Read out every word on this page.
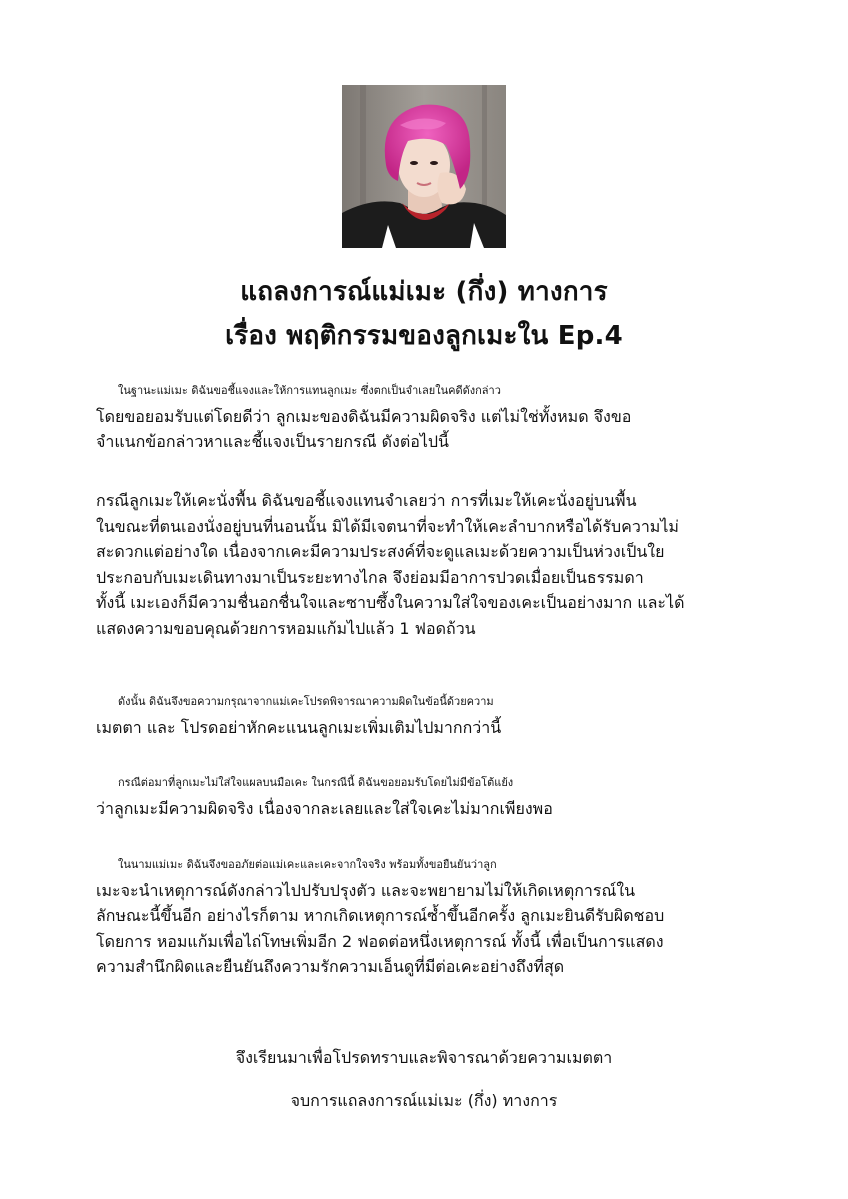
แถลงการณ์แม่เมะ (กึ่ง) ทางการ
เรื่อง พฤติกรรมของลูกเมะใน Ep.4

ในฐานะแม่เมะ ดิฉันขอชี้แจงและให้การแทนลูกเมะ ซึ่งตกเป็นจำเลยในคดีดังกล่าว

โดยขอยอมรับแต่โดยดีว่า ลูกเมะของดิฉันมีความผิดจริง แต่ไม่ใช่ทั้งหมด จึงขอ

จำแนกข้อกล่าวหาและชี้แจงเป็นรายกรณี ดังต่อไปนี้

กรณีลูกเมะให้เคะนั่งพื้น ดิฉันขอชี้แจงแทนจำเลยว่า การที่เมะให้เคะนั่งอยู่บนพื้น

ในขณะที่ตนเองนั่งอยู่บนที่นอนนั้น มิได้มีเจตนาที่จะทำให้เคะลำบากหรือได้รับความไม่

สะดวกแต่อย่างใด เนื่องจากเคะมีความประสงค์ที่จะดูแลเมะด้วยความเป็นห่วงเป็นใย

ประกอบกับเมะเดินทางมาเป็นระยะทางไกล จึงย่อมมีอาการปวดเมื่อยเป็นธรรมดา

ทั้งนี้ เมะเองก็มีความชื่นอกชื่นใจและซาบซึ้งในความใส่ใจของเคะเป็นอย่างมาก และได้

แสดงความขอบคุณด้วยการหอมแก้มไปแล้ว 1 ฟอดถ้วน

ดังนั้น ดิฉันจึงขอความกรุณาจากแม่เคะโปรดพิจารณาความผิดในข้อนี้ด้วยความ

เมตตา และ โปรดอย่าหักคะแนนลูกเมะเพิ่มเติมไปมากกว่านี้

กรณีต่อมาที่ลูกเมะไม่ใส่ใจแผลบนมือเคะ ในกรณีนี้ ดิฉันขอยอมรับโดยไม่มีข้อโต้แย้ง

ว่าลูกเมะมีความผิดจริง เนื่องจากละเลยและใส่ใจเคะไม่มากเพียงพอ

ในนามแม่เมะ ดิฉันจึงขออภัยต่อแม่เคะและเคะจากใจจริง พร้อมทั้งขอยืนยันว่าลูก

เมะจะนำเหตุการณ์ดังกล่าวไปปรับปรุงตัว และจะพยายามไม่ให้เกิดเหตุการณ์ใน

ลักษณะนี้ขึ้นอีก อย่างไรก็ตาม หากเกิดเหตุการณ์ซ้ำขึ้นอีกครั้ง ลูกเมะยินดีรับผิดชอบ

โดยการ หอมแก้มเพื่อไถ่โทษเพิ่มอีก 2 ฟอดต่อหนึ่งเหตุการณ์ ทั้งนี้ เพื่อเป็นการแสดง

ความสำนึกผิดและยืนยันถึงความรักความเอ็นดูที่มีต่อเคะอย่างถึงที่สุด

จึงเรียนมาเพื่อโปรดทราบและพิจารณาด้วยความเมตตา
จบการแถลงการณ์แม่เมะ (กึ่ง) ทางการ
